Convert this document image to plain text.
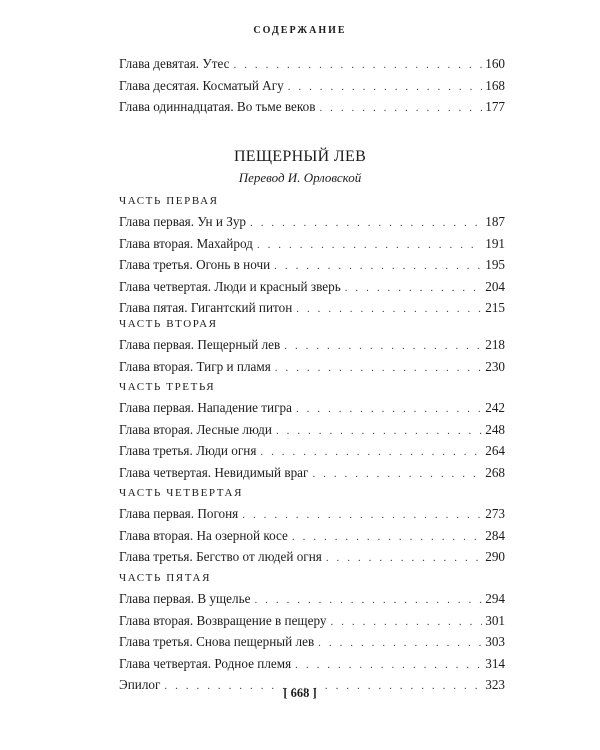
СОДЕРЖАНИЕ
Глава девятая. Утес . . .	160
Глава десятая. Косматый Агу . . .	168
Глава одиннадцатая. Во тьме веков . . .	177
ПЕЩЕРНЫЙ ЛЕВ
Перевод И. Орловской
ЧАСТЬ ПЕРВАЯ
Глава первая. Ун и Зур . . .	187
Глава вторая. Махайрод . . .	191
Глава третья. Огонь в ночи . . .	195
Глава четвертая. Люди и красный зверь . . .	204
Глава пятая. Гигантский питон . . .	215
ЧАСТЬ ВТОРАЯ
Глава первая. Пещерный лев . . .	218
Глава вторая. Тигр и пламя . . .	230
ЧАСТЬ ТРЕТЬЯ
Глава первая. Нападение тигра . . .	242
Глава вторая. Лесные люди . . .	248
Глава третья. Люди огня . . .	264
Глава четвертая. Невидимый враг . . .	268
ЧАСТЬ ЧЕТВЕРТАЯ
Глава первая. Погоня . . .	273
Глава вторая. На озерной косе . . .	284
Глава третья. Бегство от людей огня . . .	290
ЧАСТЬ ПЯТАЯ
Глава первая. В ущелье . . .	294
Глава вторая. Возвращение в пещеру . . .	301
Глава третья. Снова пещерный лев . . .	303
Глава четвертая. Родное племя . . .	314
Эпилог . . .	323
[ 668 ]
